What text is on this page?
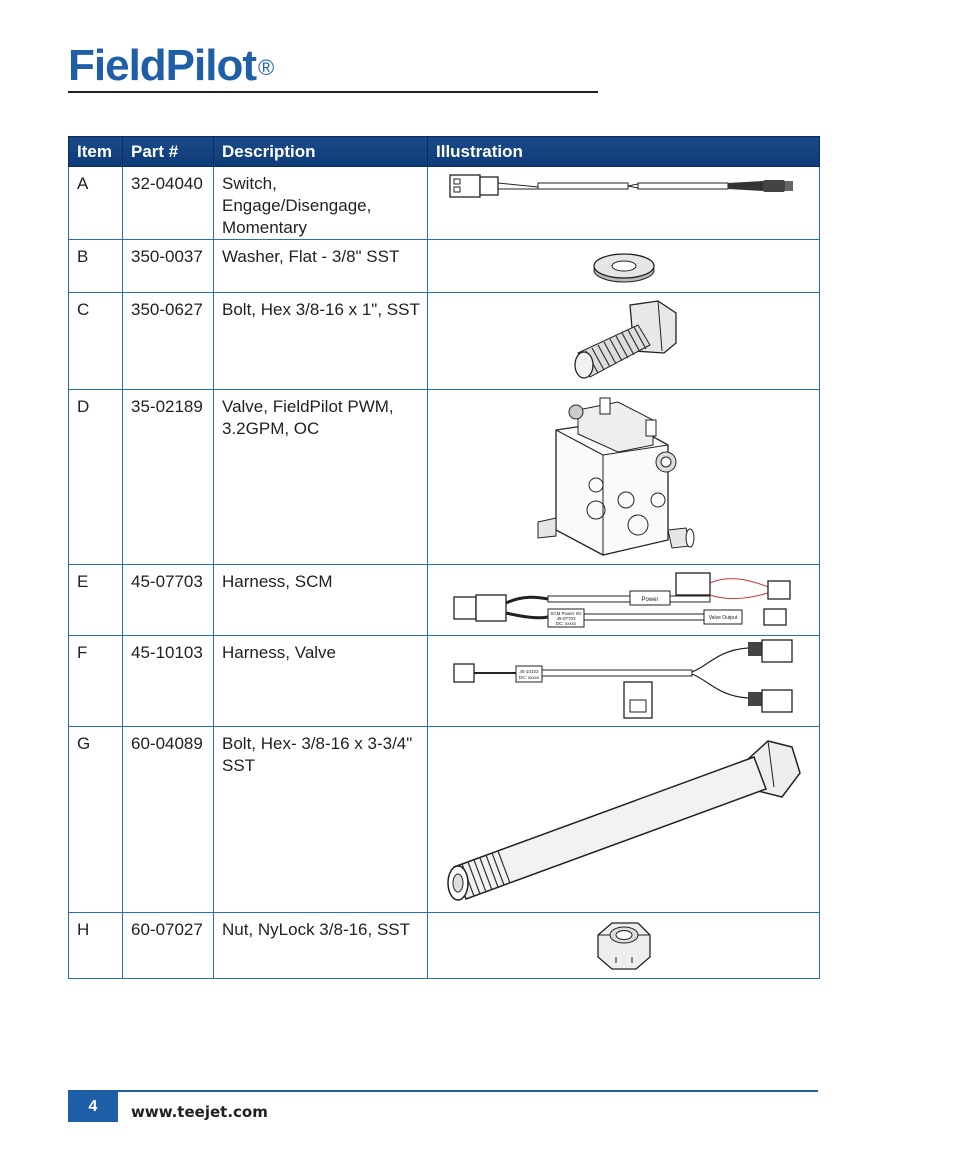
FieldPilot®
Item	Part #	Description	Illustration
A	32-04040	Switch, Engage/Disengage, Momentary	

B	350-0037	Washer, Flat - 3/8" SST	

C	350-0627	Bolt, Hex 3/8-16 x 1", SST	

D	35-02189	Valve, FieldPilot PWM, 3.2GPM, OC	

E	45-07703	Harness, SCM	Power
SCM Power I/O
45-07703
DC: xxxxx
Valve Output

F	45-10103	Harness, Valve	45-10103
DC: xxxxx

G	60-04089	Bolt, Hex- 3/8-16 x 3-3/4" SST	

H	60-07027	Nut, NyLock 3/8-16, SST	
4	www.teejet.com
